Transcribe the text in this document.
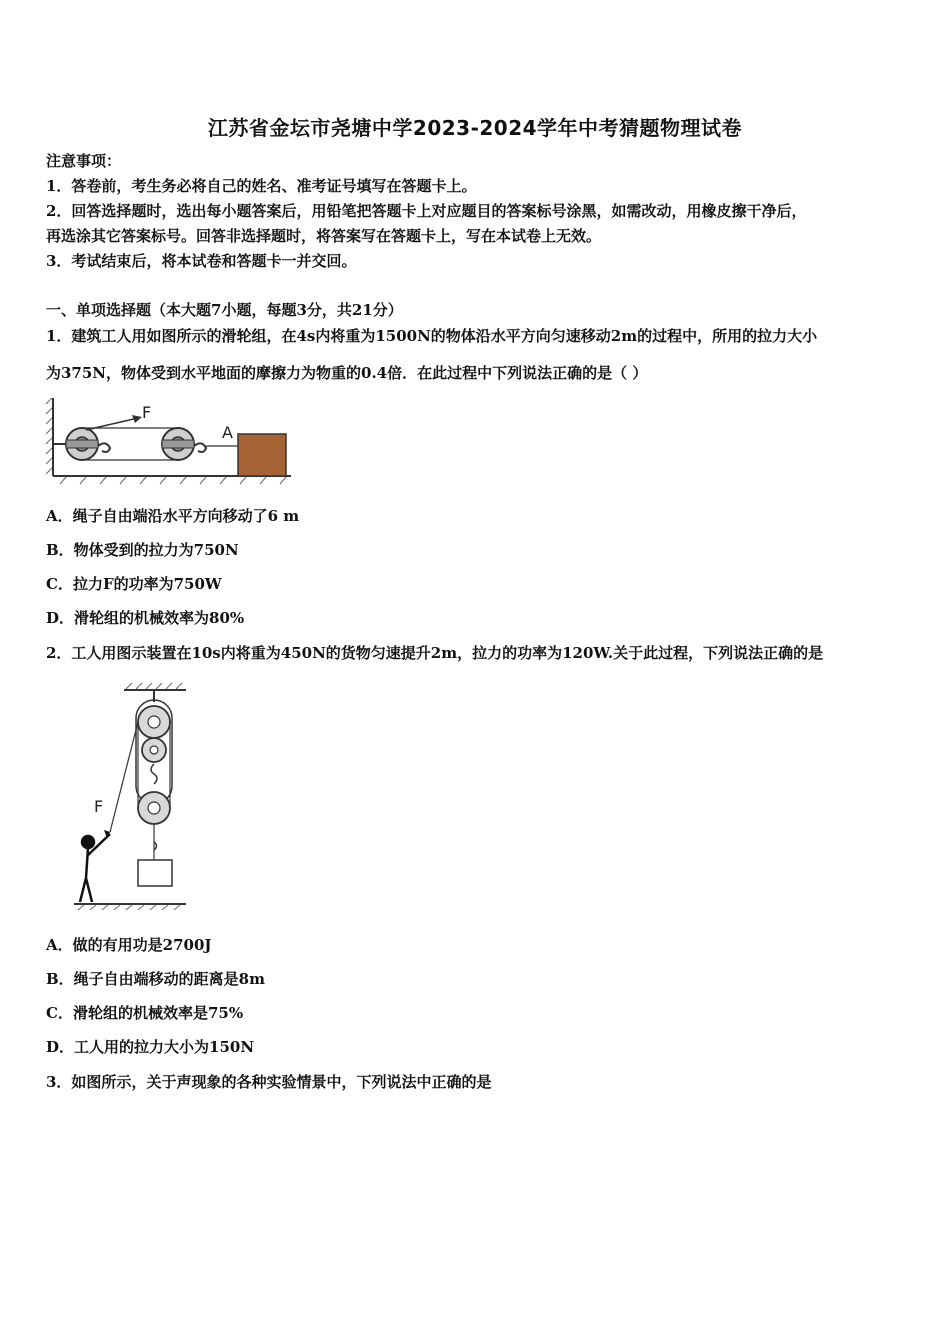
江苏省金坛市尧塘中学2023-2024学年中考猜题物理试卷
注意事项：
1．答卷前，考生务必将自己的姓名、准考证号填写在答题卡上。
2．回答选择题时，选出每小题答案后，用铅笔把答题卡上对应题目的答案标号涂黑，如需改动，用橡皮擦干净后，
再选涂其它答案标号。回答非选择题时，将答案写在答题卡上，写在本试卷上无效。
3．考试结束后，将本试卷和答题卡一并交回。
一、单项选择题（本大题7小题，每题3分，共21分）
1．建筑工人用如图所示的滑轮组，在4s内将重为1500N的物体沿水平方向匀速移动2m的过程中，所用的拉力大小
为375N，物体受到水平地面的摩擦力为物重的0.4倍．在此过程中下列说法正确的是（ ）
F
A
A．绳子自由端沿水平方向移动了6 m
B．物体受到的拉力为750N
C．拉力F的功率为750W
D．滑轮组的机械效率为80%
2．工人用图示装置在10s内将重为450N的货物匀速提升2m，拉力的功率为120W.关于此过程，下列说法正确的是
F
A．做的有用功是2700J
B．绳子自由端移动的距离是8m
C．滑轮组的机械效率是75%
D．工人用的拉力大小为150N
3．如图所示，关于声现象的各种实验情景中，下列说法中正确的是
